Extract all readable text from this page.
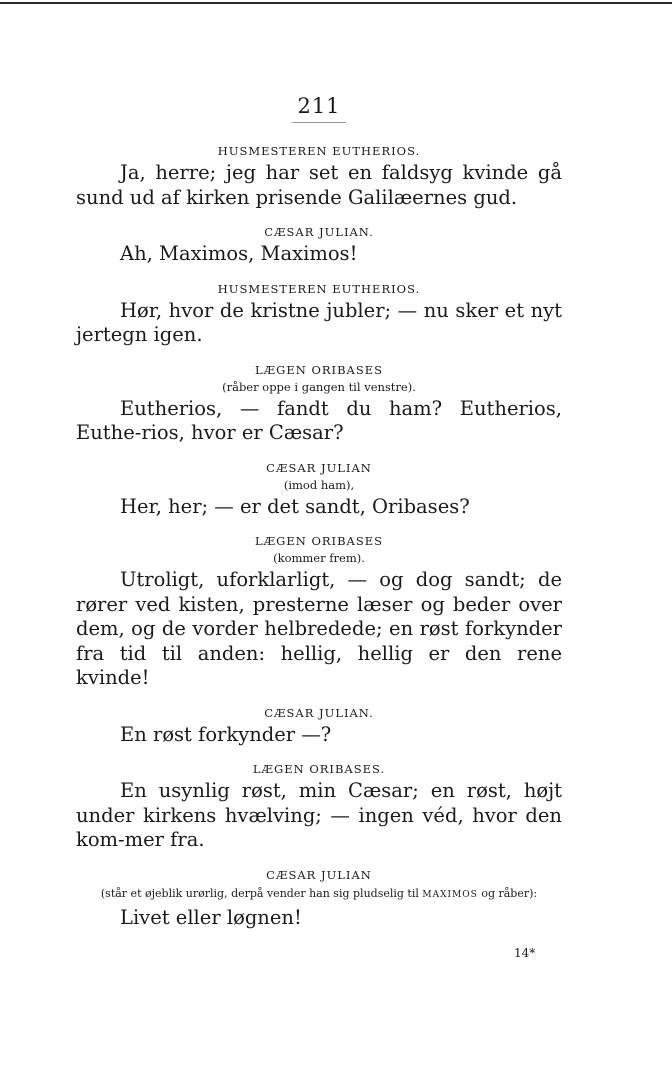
211
HUSMESTEREN EUTHERIOS.
Ja, herre; jeg har set en faldsyg kvinde gå sund ud af kirken prisende Galilæernes gud.
CÆSAR JULIAN.
Ah, Maximos, Maximos!
HUSMESTEREN EUTHERIOS.
Hør, hvor de kristne jubler; — nu sker et nyt jertegn igen.
LÆGEN ORIBASES
(råber oppe i gangen til venstre).
Eutherios, — fandt du ham? Eutherios, Euthe-rios, hvor er Cæsar?
CÆSAR JULIAN
(imod ham),
Her, her; — er det sandt, Oribases?
LÆGEN ORIBASES
(kommer frem).
Utroligt, uforklarligt, — og dog sandt; de rører ved kisten, presterne læser og beder over dem, og de vorder helbredede; en røst forkynder fra tid til anden: hellig, hellig er den rene kvinde!
CÆSAR JULIAN.
En røst forkynder —?
LÆGEN ORIBASES.
En usynlig røst, min Cæsar; en røst, højt under kirkens hvælving; — ingen véd, hvor den kom-mer fra.
CÆSAR JULIAN
(står et øjeblik urørlig, derpå vender han sig pludselig til MAXIMOS og råber):
Livet eller løgnen!
14*
